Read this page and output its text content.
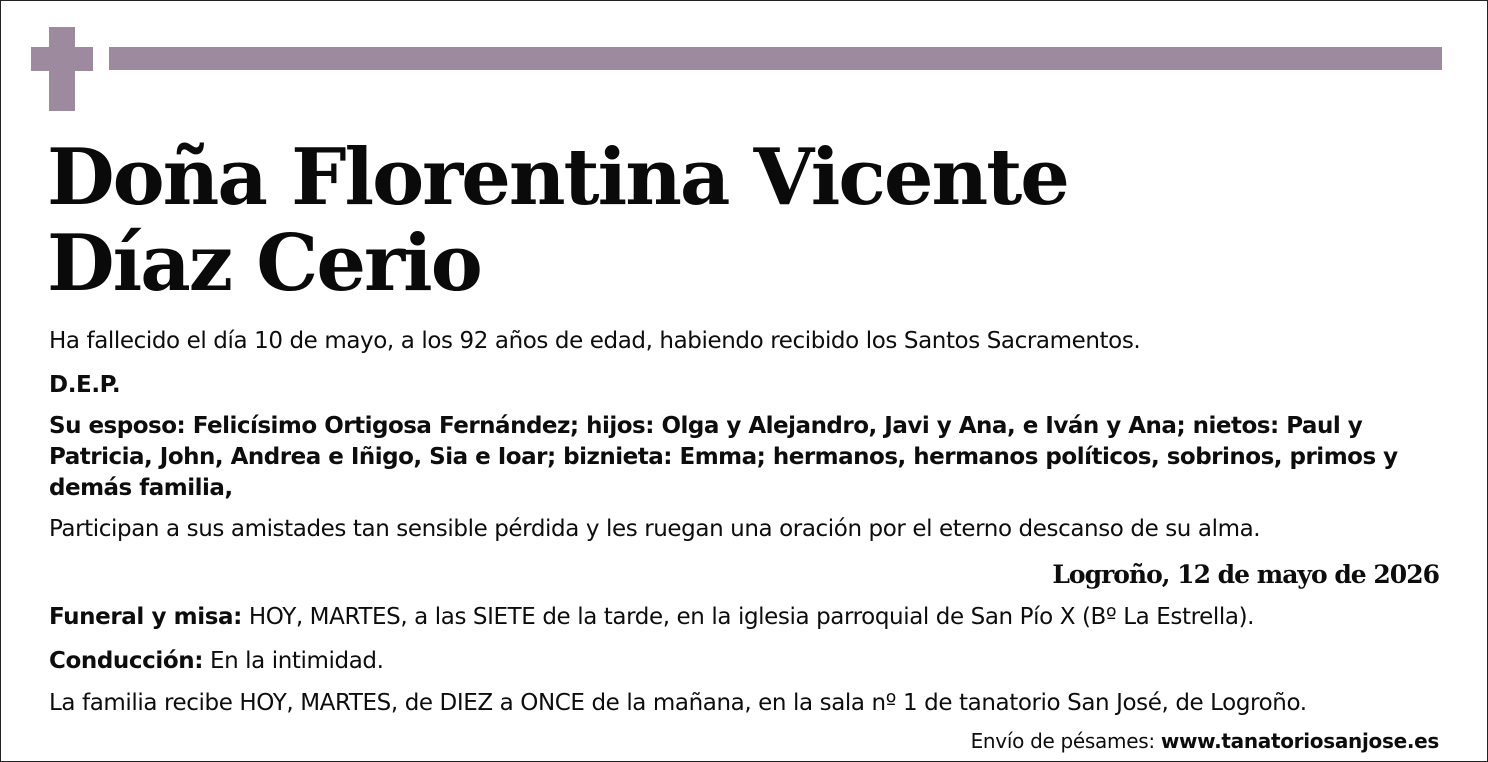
Doña Florentina Vicente
Díaz Cerio

Ha fallecido el día 10 de mayo, a los 92 años de edad, habiendo recibido los Santos Sacramentos.

D.E.P.

Su esposo: Felicísimo Ortigosa Fernández; hijos: Olga y Alejandro, Javi y Ana, e Iván y Ana; nietos: Paul y Patricia, John, Andrea e Iñigo, Sia e Ioar; biznieta: Emma; hermanos, hermanos políticos, sobrinos, primos y demás familia,

Participan a sus amistades tan sensible pérdida y les ruegan una oración por el eterno descanso de su alma.

Logroño, 12 de mayo de 2026

Funeral y misa: HOY, MARTES, a las SIETE de la tarde, en la iglesia parroquial de San Pío X (Bº La Estrella).

Conducción: En la intimidad.

La familia recibe HOY, MARTES, de DIEZ a ONCE de la mañana, en la sala nº 1 de tanatorio San José, de Logroño.

Envío de pésames: www.tanatoriosanjose.es
